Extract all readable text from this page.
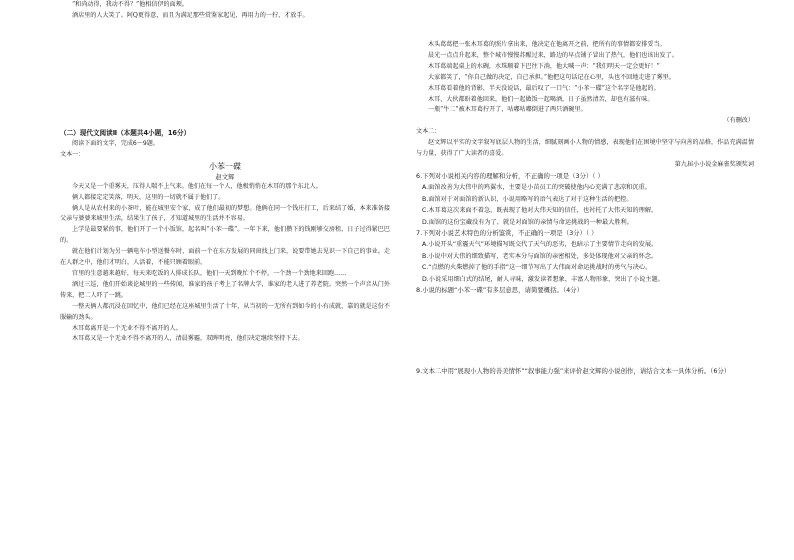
“和尚动得，我动不得？”他相信伊的面颊。

酒店里的人大笑了。阿Q更得意，而且为满足那些赏鉴家起见，再用力的一拧，才放手。

（二）现代文阅读Ⅱ（本题共4小题，16分）

阅读下面的文字，完成6～9题。

文本一：

小苯一碟

赵文辉

今天又是一个重雾天，压得人喘不上气来。他们在每一个人，他极悄悄在木耳的那个东北人。

俩人都接定定笑落，明天，这里的一切就不属于他们了。

俩人是从农村来的小茶叶，能在城里安个家，成了他们最初的梦想。他俩在同一个钱庄打工，后来结了婚，本来准备接父亲与婆婆来城里生活，结果生了孩子，才知道城里的生活并不容易。

上学是最要紧的事，他们开了一个小饭馆，起名叫“小苯一碟”。一年下来，他们攒下的钱刚够交房租，日子过得紧巴巴的。

就在他们计划为另一辆电车小型送餐车时，面前一个在东方发展的同窗找上门来，说要带她去见识一下自己的事业。走在人群之中，他们才明白，人活着，不能只顾着眼前。

宫里的生意越来越好，每天来吃饭的人排成长队，他们一天到晚忙个不停，一个劲一个劲地来回跑……

酒过三巡，他们开始谈论城里的一些传闻，谁家的孩子考上了名牌大学，谁家的老人进了养老院。突然一个声音从门外传来，把二人吓了一跳。

一整天俩人都沉浸在回忆中，他们已经在这座城里生活了十年，从当初的一无所有到如今的小有成就，靠的就是这份不服输的劲头。

木耳葛离开是一个无业不得不离开的人。

木耳葛又是一个无业不得不离开的人，清晨雾霾，双眸明亮，他们决定继续坚持下去。

木头葛葛把一张木耳葛的照片拿出来，他决定在他离开之前，把所有的事情都安排妥当。

晨光一点点升起来，整个城市慢慢苏醒过来，路边的早点铺子冒出了热气，他们也该出发了。

木耳葛端起桌上的水碗，水珠顺着下巴往下淌，他大喊一声：“我们明天一定会更好！”

大家都笑了，“你自己做的决定，自己承担。”他把这句话记在心里，头也不回地走进了雾里。

木耳葛看着他的背影，半天没说话，最后叹了一口气：“小苯一碟”这个名字是他起的。

木耳，大伙都盼着他回来，他们一起做饭一起喝酒，日子虽然清苦，却也有滋有味。

一瓶“牛二”被木耳葛拧开了，咕嘟咕嘟倒进了两只酒碗里。

（有删改）

文本二：

赵文辉以平实的文字叙写底层人物的生活，细腻刻画小人物的情感，表现他们在困境中坚守与向善的品格，作品充满温情与力量，获得了广大读者的喜爱。

第九届小小说金麻雀奖颁奖词

6.下列对小说相关内容的理解和分析，不正确的一项是（3分）（ ）

A.面馆改善为大伟中的鸡翼水，主要是小苗员工的突破使他内心充满了悲凉和沉重。

B.面馆对于对面馆的新认识，小说用略写的语气表达了对于这种生活的把控。

C.木耳葛这次来面不着急，既表现了他对大伟天知的信任，也衬托了大伟天知的理解。

D.面馆的这份宝藏没有为了，就是对面馆的亲情与命运挑战的一种最大胜利。

7.下列对小说艺术特色的分析鉴赏，不正确的一项是（3分）（ ）

A.小说开头“重霾天气”环境描写既交代了天气的恶劣，也暗示了主要情节走向的发展。

B.小说中对大伟的细致描写，老实本分与面馆的亲密相处，多处体现他对父亲的怀念。

C.“点燃的火柴燃掉了他的手指”这一细节写出了大伟面对命运挑战时的勇气与决心。

D.小说采用细白式的结尾，耐人寻味，激发读者想象，丰富人物形象，突出了小说主题。

8.小说的标题“小苯一碟”有多层意思，请简要概括。（4分）

9.文本二中用“展现小人物的善美情怀”“叙事能力强”来评价赵文辉的小说创作，请结合文本一具体分析。（6分）
